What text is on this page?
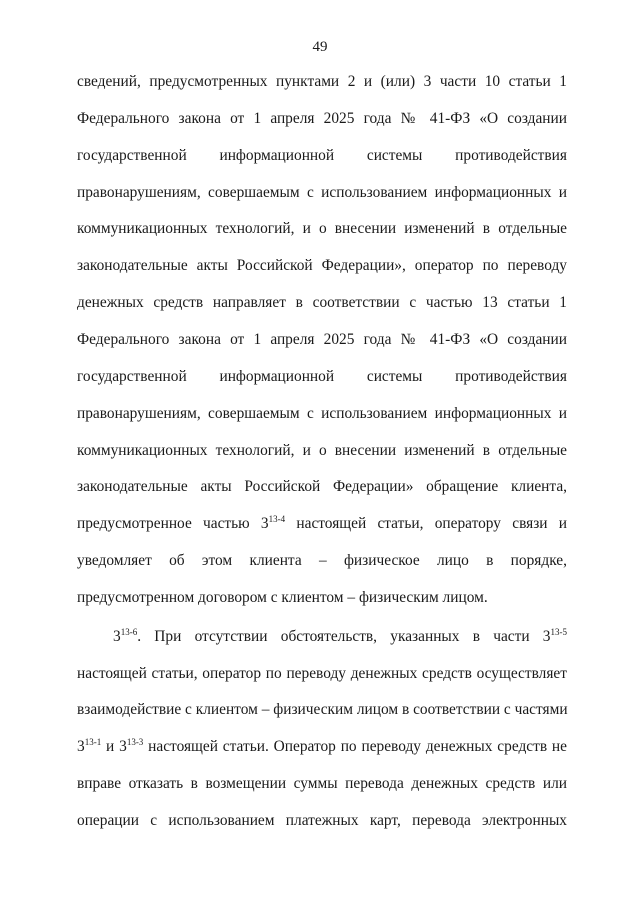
49
сведений, предусмотренных пунктами 2 и (или) 3 части 10 статьи 1
Федерального закона от 1 апреля 2025 года № 41-ФЗ «О создании
государственной информационной системы противодействия
правонарушениям, совершаемым с использованием информационных и
коммуникационных технологий, и о внесении изменений в отдельные
законодательные акты Российской Федерации», оператор по переводу
денежных средств направляет в соответствии с частью 13 статьи 1
Федерального закона от 1 апреля 2025 года № 41-ФЗ «О создании
государственной информационной системы противодействия
правонарушениям, совершаемым с использованием информационных и
коммуникационных технологий, и о внесении изменений в отдельные
законодательные акты Российской Федерации» обращение клиента,
предусмотренное частью 3$^{13-4}$ настоящей статьи, оператору связи и
уведомляет об этом клиента – физическое лицо в порядке,
предусмотренном договором с клиентом – физическим лицом.
3$^{13-6}$. При отсутствии обстоятельств, указанных в части 3$^{13-5}$
настоящей статьи, оператор по переводу денежных средств осуществляет
взаимодействие с клиентом – физическим лицом в соответствии с частями
3$^{13-1}$ и 3$^{13-3}$ настоящей статьи. Оператор по переводу денежных средств не
вправе отказать в возмещении суммы перевода денежных средств или
операции с использованием платежных карт, перевода электронных
